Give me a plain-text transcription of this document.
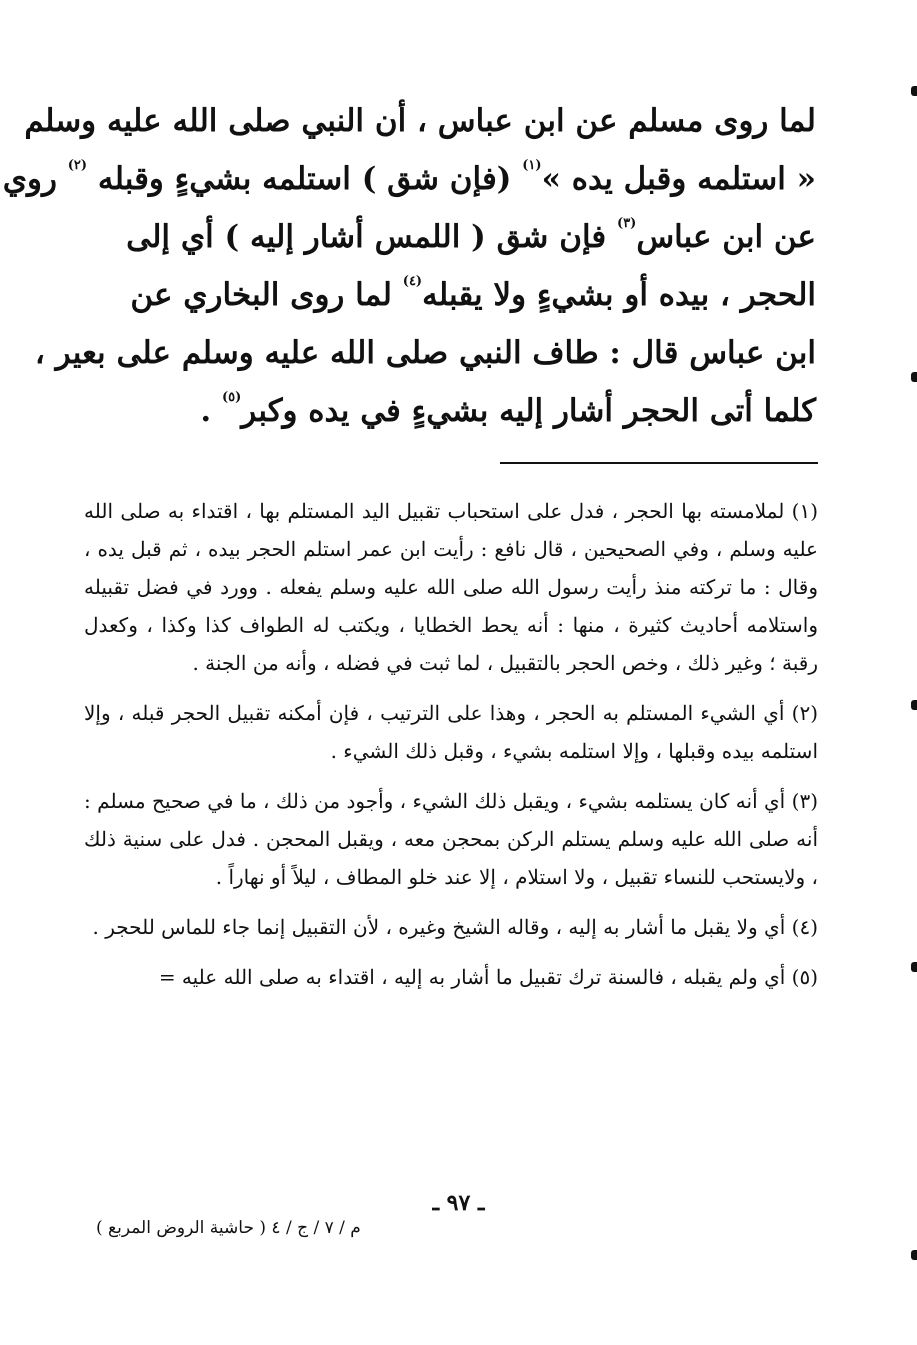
لما روى مسلم عن ابن عباس ، أن النبي صلى الله عليه وسلم
« استلمه وقبل يده »$^{(١)}$ (فإن شق ) استلمه بشيءٍ وقبله $^{(٢)}$ روي
عن ابن عباس$^{(٣)}$ فإن شق ( اللمس أشار إليه ) أي إلى
الحجر ، بيده أو بشيءٍ ولا يقبله$^{(٤)}$ لما روى البخاري عن
ابن عباس قال : طاف النبي صلى الله عليه وسلم على بعير ،
كلما أتى الحجر أشار إليه بشيءٍ في يده وكبر$^{(٥)}$ .

(١) لملامسته بها الحجر ، فدل على استحباب تقبيل اليد المستلم بها ، اقتداء به صلى الله عليه وسلم ، وفي الصحيحين ، قال نافع : رأيت ابن عمر استلم الحجر بيده ، ثم قبل يده ، وقال : ما تركته منذ رأيت رسول الله صلى الله عليه وسلم يفعله . وورد في فضل تقبيله واستلامه أحاديث كثيرة ، منها : أنه يحط الخطايا ، ويكتب له الطواف كذا وكذا ، وكعدل رقبة ؛ وغير ذلك ، وخص الحجر بالتقبيل ، لما ثبت في فضله ، وأنه من الجنة .

(٢) أي الشيء المستلم به الحجر ، وهذا على الترتيب ، فإن أمكنه تقبيل الحجر قبله ، وإلا استلمه بيده وقبلها ، وإلا استلمه بشيء ، وقبل ذلك الشيء .

(٣) أي أنه كان يستلمه بشيء ، ويقبل ذلك الشيء ، وأجود من ذلك ، ما في صحيح مسلم : أنه صلى الله عليه وسلم يستلم الركن بمحجن معه ، ويقبل المحجن . فدل على سنية ذلك ، ولايستحب للنساء تقبيل ، ولا استلام ، إلا عند خلو المطاف ، ليلاً أو نهاراً .

(٤) أي ولا يقبل ما أشار به إليه ، وقاله الشيخ وغيره ، لأن التقبيل إنما جاء للماس للحجر .

(٥) أي ولم يقبله ، فالسنة ترك تقبيل ما أشار به إليه ، اقتداء به صلى الله عليه =

ـ ٩٧ ـ
م / ٧ / ج / ٤ ( حاشية الروض المربع )
